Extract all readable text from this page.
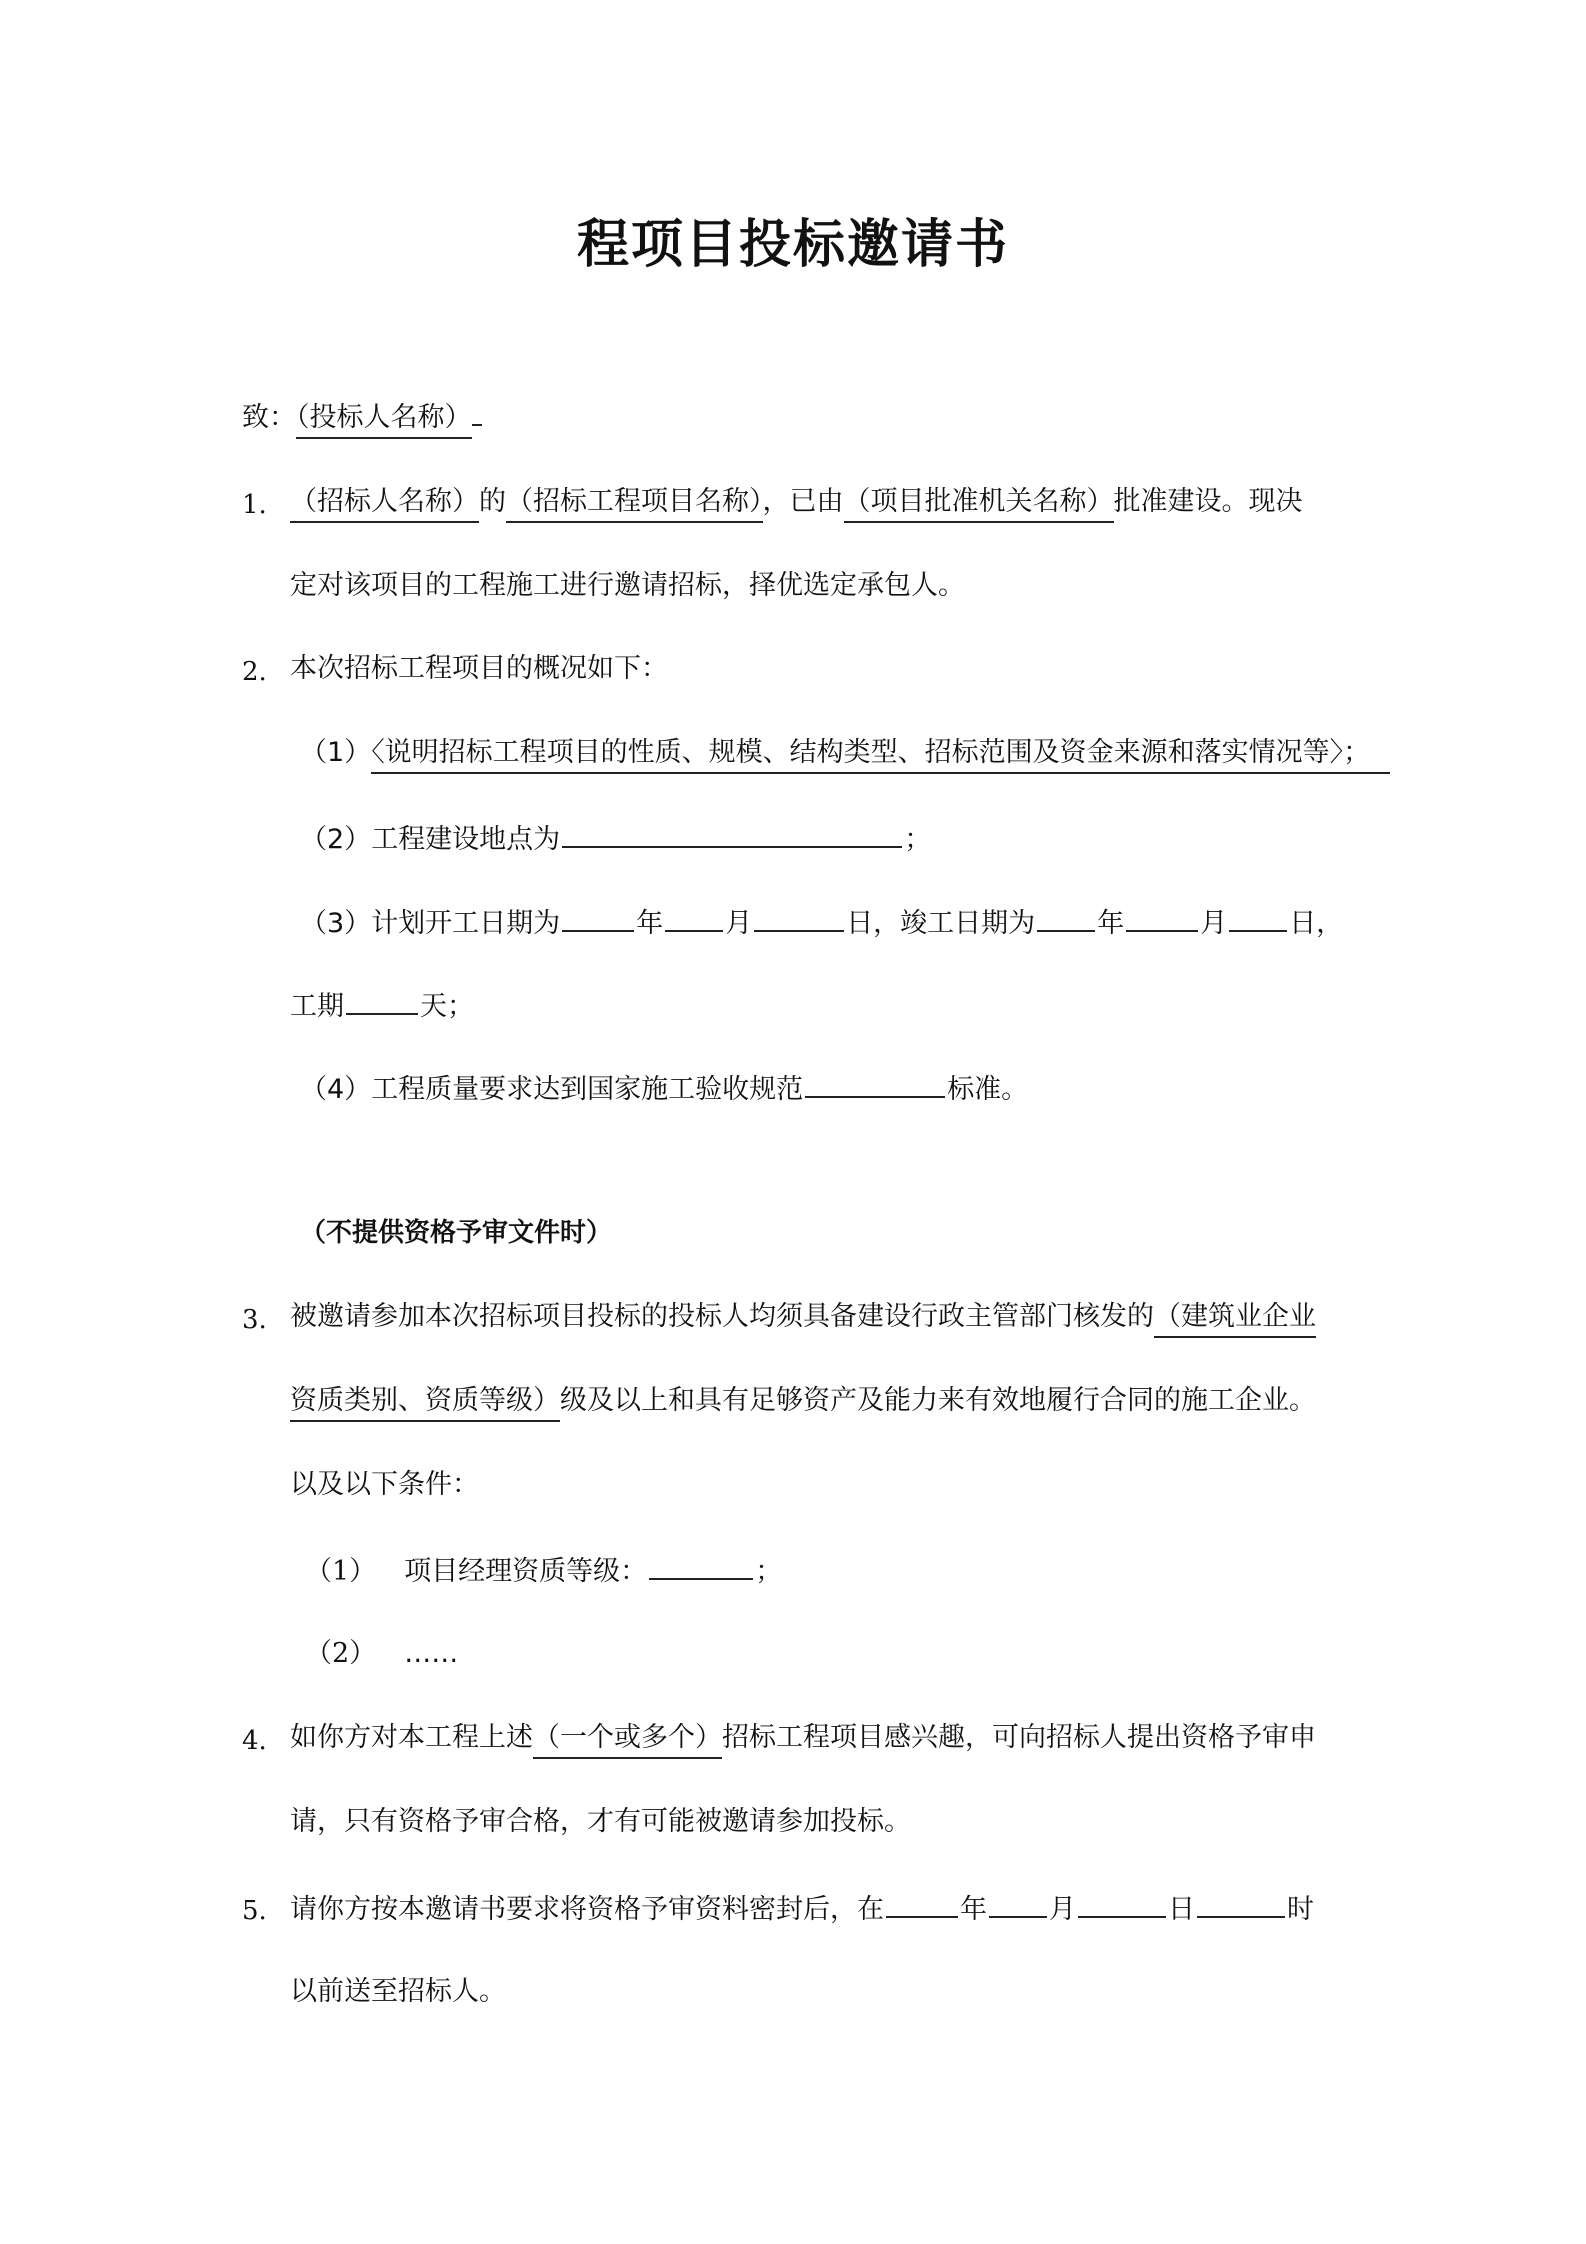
程项目投标邀请书
致：（投标人名称）
1. （招标人名称）的（招标工程项目名称），已由（项目批准机关名称）批准建设。现决
定对该项目的工程施工进行邀请招标，择优选定承包人。
2. 本次招标工程项目的概况如下：
（1）〈说明招标工程项目的性质、规模、结构类型、招标范围及资金来源和落实情况等〉；
（2）工程建设地点为	；
（3）计划开工日期为	年 月	日，竣工日期为 年	月 日，
工期	天；
（4）工程质量要求达到国家施工验收规范	标准。
（不提供资格予审文件时）
3. 被邀请参加本次招标项目投标的投标人均须具备建设行政主管部门核发的（建筑业企业
资质类别、资质等级）级及以上和具有足够资产及能力来有效地履行合同的施工企业。
以及以下条件：
（1） 项目经理资质等级：	；
（2） ……
4. 如你方对本工程上述（一个或多个）招标工程项目感兴趣，可向招标人提出资格予审申
请，只有资格予审合格，才有可能被邀请参加投标。
5. 请你方按本邀请书要求将资格予审资料密封后，在	年 月	日	时
以前送至招标人。
